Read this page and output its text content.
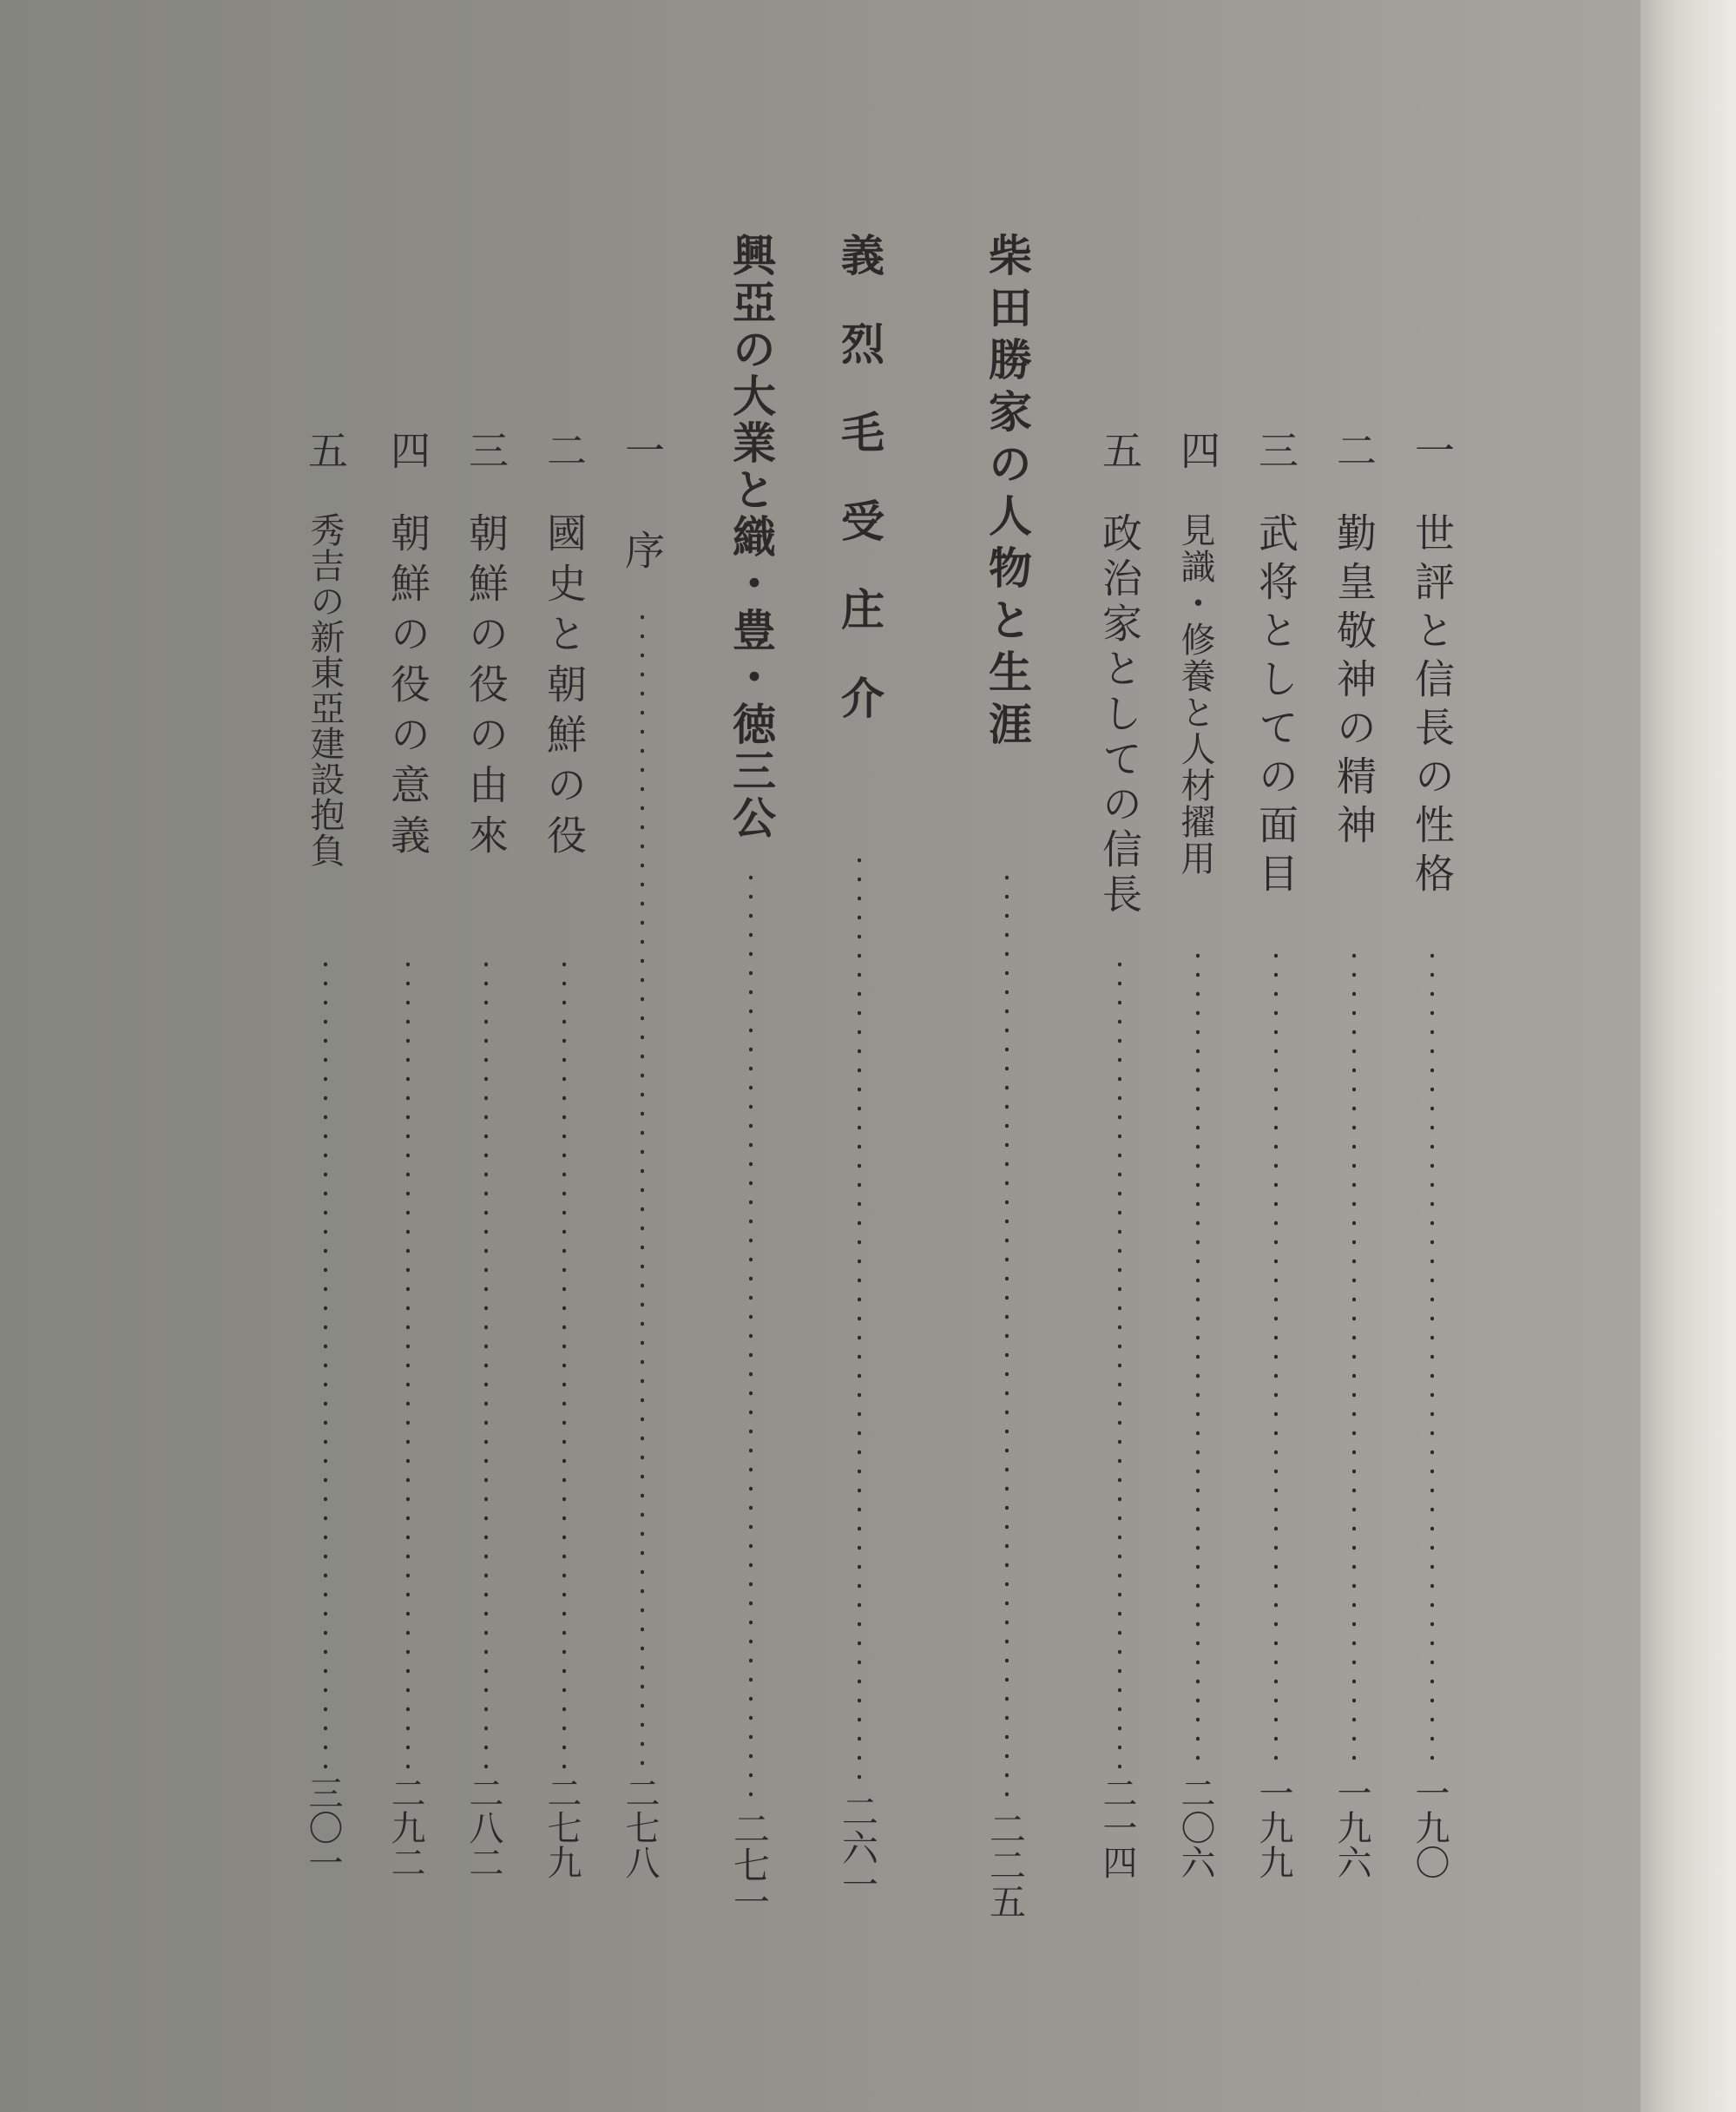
一
世評と信長の性格
一九〇
二
勤皇敬神の精神
一九六
三
武将としての面目
一九九
四
見識・修養と人材擢用
二〇六
五
政治家としての信長
二一四
柴田勝家の人物と生涯
二二五
義烈毛受庄介
二六一
興亞の大業と織・豊・徳三公
二七一
一
序
二七八
二
國史と朝鮮の役
二七九
三
朝鮮の役の由來
二八二
四
朝鮮の役の意義
二九二
五
秀吉の新東亞建設抱負
三〇一
